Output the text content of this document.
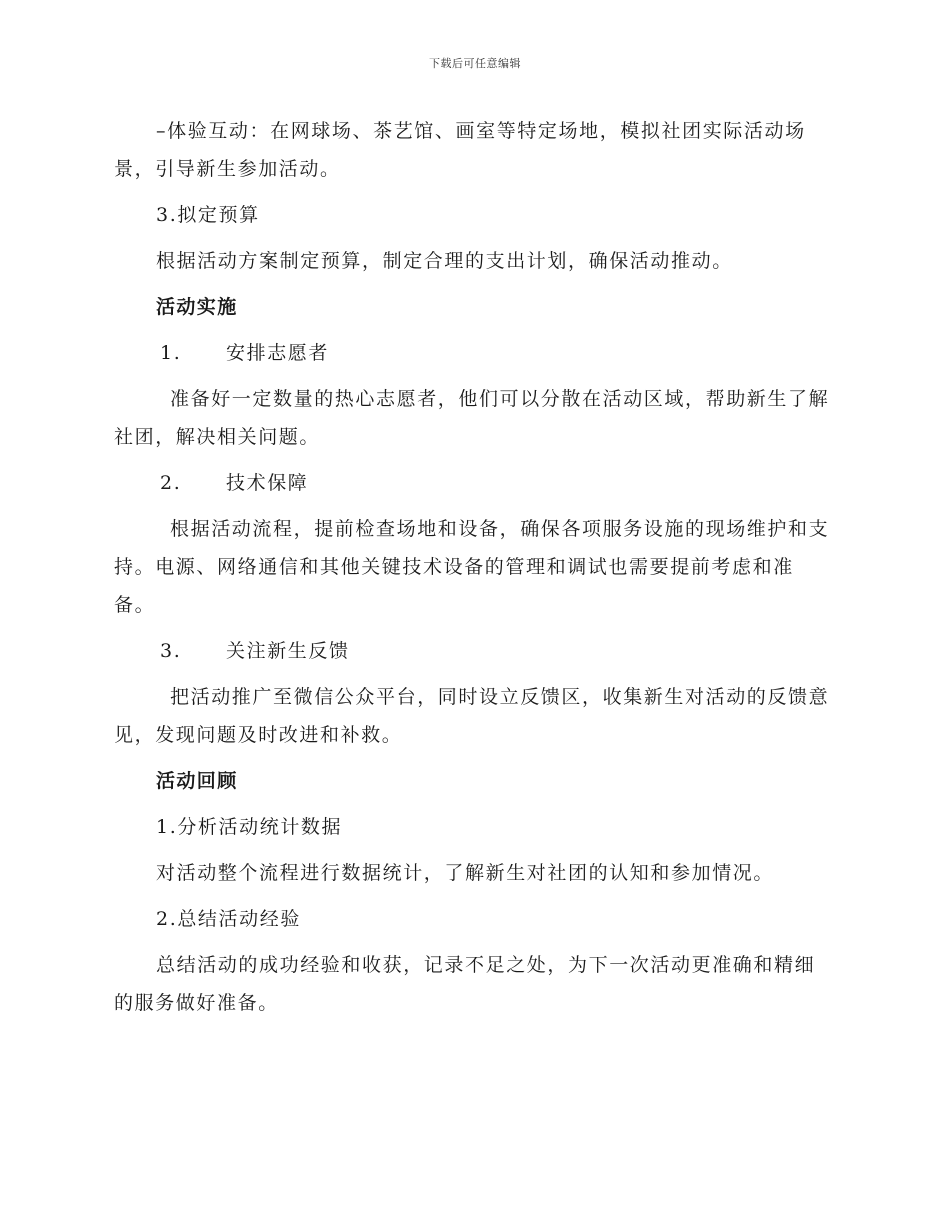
下载后可任意编辑

–体验互动：在网球场、茶艺馆、画室等特定场地，模拟社团实际活动场景，引导新生参加活动。

3.拟定预算

根据活动方案制定预算，制定合理的支出计划，确保活动推动。

活动实施

1. 安排志愿者

准备好一定数量的热心志愿者，他们可以分散在活动区域，帮助新生了解社团，解决相关问题。

2. 技术保障

根据活动流程，提前检查场地和设备，确保各项服务设施的现场维护和支持。电源、网络通信和其他关键技术设备的管理和调试也需要提前考虑和准备。

3. 关注新生反馈

把活动推广至微信公众平台，同时设立反馈区，收集新生对活动的反馈意见，发现问题及时改进和补救。

活动回顾

1.分析活动统计数据

对活动整个流程进行数据统计，了解新生对社团的认知和参加情况。

2.总结活动经验

总结活动的成功经验和收获，记录不足之处，为下一次活动更准确和精细的服务做好准备。
